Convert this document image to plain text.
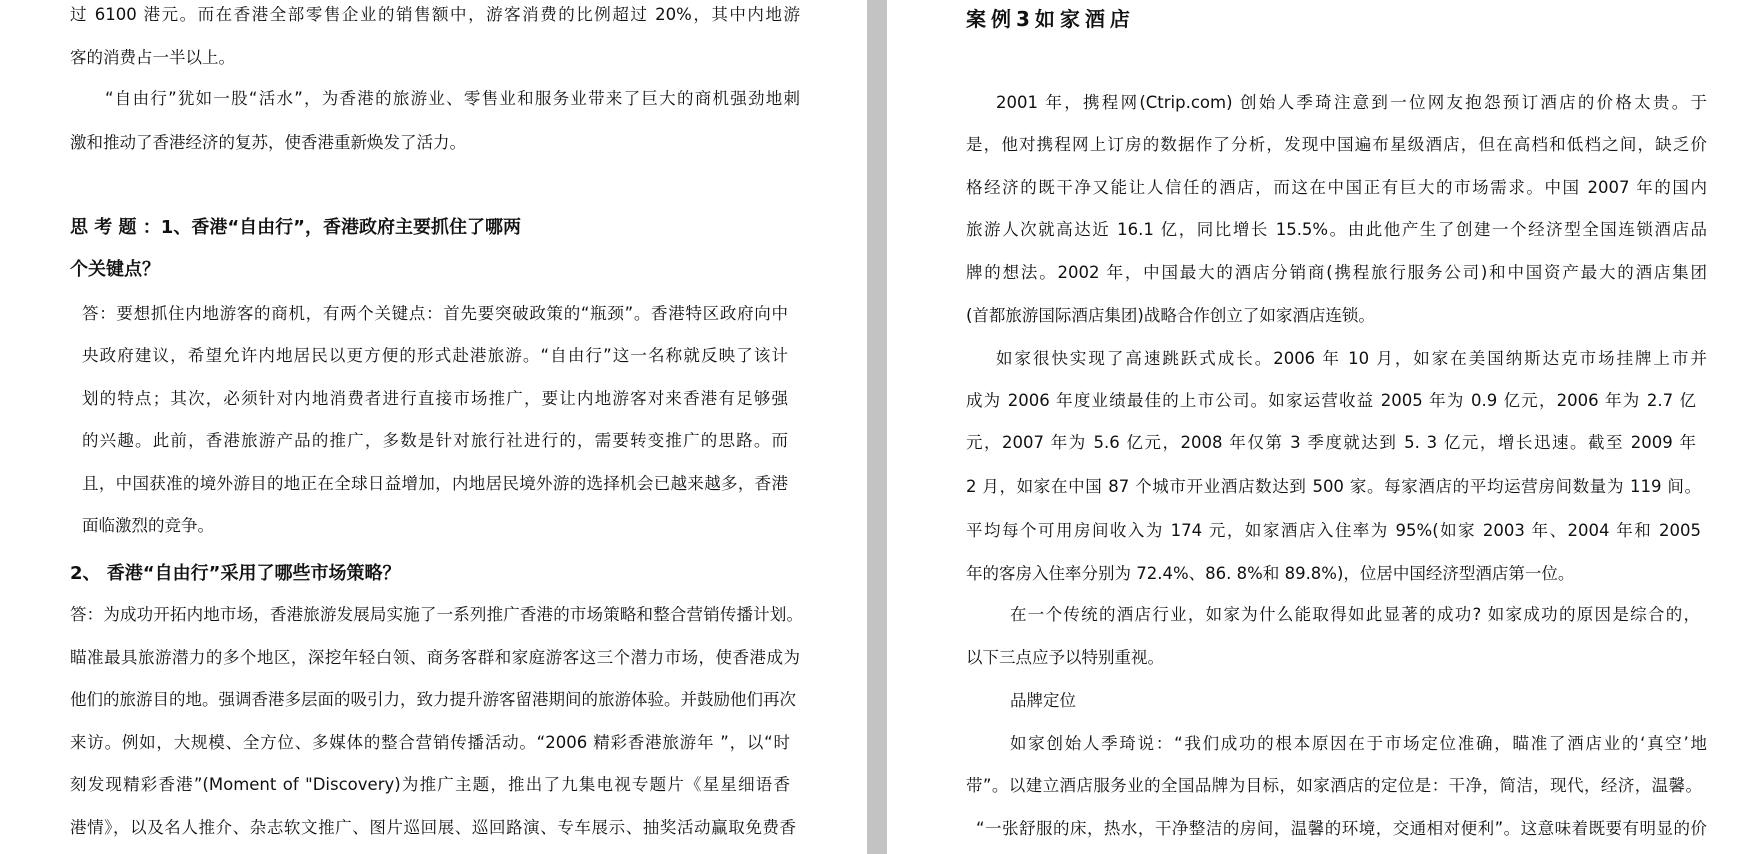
过 6100 港元。而在香港全部零售企业的销售额中，游客消费的比例超过 20%，其中内地游
客的消费占一半以上。
“自由行”犹如一股“活水”，为香港的旅游业、零售业和服务业带来了巨大的商机强劲地刺
激和推动了香港经济的复苏，使香港重新焕发了活力。
思 考 题 ：1、香港“自由行”，香港政府主要抓住了哪两
个关键点？
答：要想抓住内地游客的商机，有两个关键点：首先要突破政策的“瓶颈”。香港特区政府向中
央政府建议，希望允许内地居民以更方便的形式赴港旅游。“自由行”这一名称就反映了该计
划的特点；其次，必须针对内地消费者进行直接市场推广，要让内地游客对来香港有足够强
的兴趣。此前，香港旅游产品的推广，多数是针对旅行社进行的，需要转变推广的思路。而
且，中国获准的境外游目的地正在全球日益增加，内地居民境外游的选择机会已越来越多，香港
面临激烈的竞争。
2、 香港“自由行”采用了哪些市场策略？
答：为成功开拓内地市场，香港旅游发展局实施了一系列推广香港的市场策略和整合营销传播计划。
瞄准最具旅游潜力的多个地区，深挖年轻白领、商务客群和家庭游客这三个潜力市场，使香港成为
他们的旅游目的地。强调香港多层面的吸引力，致力提升游客留港期间的旅游体验。并鼓励他们再次
来访。例如，大规模、全方位、多媒体的整合营销传播活动。“2006 精彩香港旅游年 ”，以“时
刻发现精彩香港”(Moment of "Discovery)为推广主题，推出了九集电视专题片《星星细语香
港情》，以及名人推介、杂志软文推广、图片巡回展、巡回路演、专车展示、抽奖活动赢取免费香
案例3如家酒店
2001 年，携程网(Ctrip.com) 创始人季琦注意到一位网友抱怨预订酒店的价格太贵。于
是，他对携程网上订房的数据作了分析，发现中国遍布星级酒店，但在高档和低档之间，缺乏价
格经济的既干净又能让人信任的酒店，而这在中国正有巨大的市场需求。中国 2007 年的国内
旅游人次就高达近 16.1 亿，同比增长 15.5%。由此他产生了创建一个经济型全国连锁酒店品
牌的想法。2002 年，中国最大的酒店分销商(携程旅行服务公司)和中国资产最大的酒店集团
(首都旅游国际酒店集团)战略合作创立了如家酒店连锁。
如家很快实现了高速跳跃式成长。2006 年 10 月，如家在美国纳斯达克市场挂牌上市并
成为 2006 年度业绩最佳的上市公司。如家运营收益 2005 年为 0.9 亿元，2006 年为 2.7 亿
元，2007 年为 5.6 亿元，2008 年仅第 3 季度就达到 5. 3 亿元，增长迅速。截至 2009 年
2 月，如家在中国 87 个城市开业酒店数达到 500 家。每家酒店的平均运营房间数量为 119 间。
平均每个可用房间收入为 174 元，如家酒店入住率为 95%(如家 2003 年、2004 年和 2005
年的客房入住率分别为 72.4%、86. 8%和 89.8%)，位居中国经济型酒店第一位。
在一个传统的酒店行业，如家为什么能取得如此显著的成功? 如家成功的原因是综合的，
以下三点应予以特别重视。
品牌定位
如家创始人季琦说：“我们成功的根本原因在于市场定位准确，瞄准了酒店业的‘真空’地
带”。以建立酒店服务业的全国品牌为目标，如家酒店的定位是：干净，简洁，现代，经济，温馨。
“一张舒服的床，热水，干净整洁的房间，温馨的环境，交通相对便利”。这意味着既要有明显的价
